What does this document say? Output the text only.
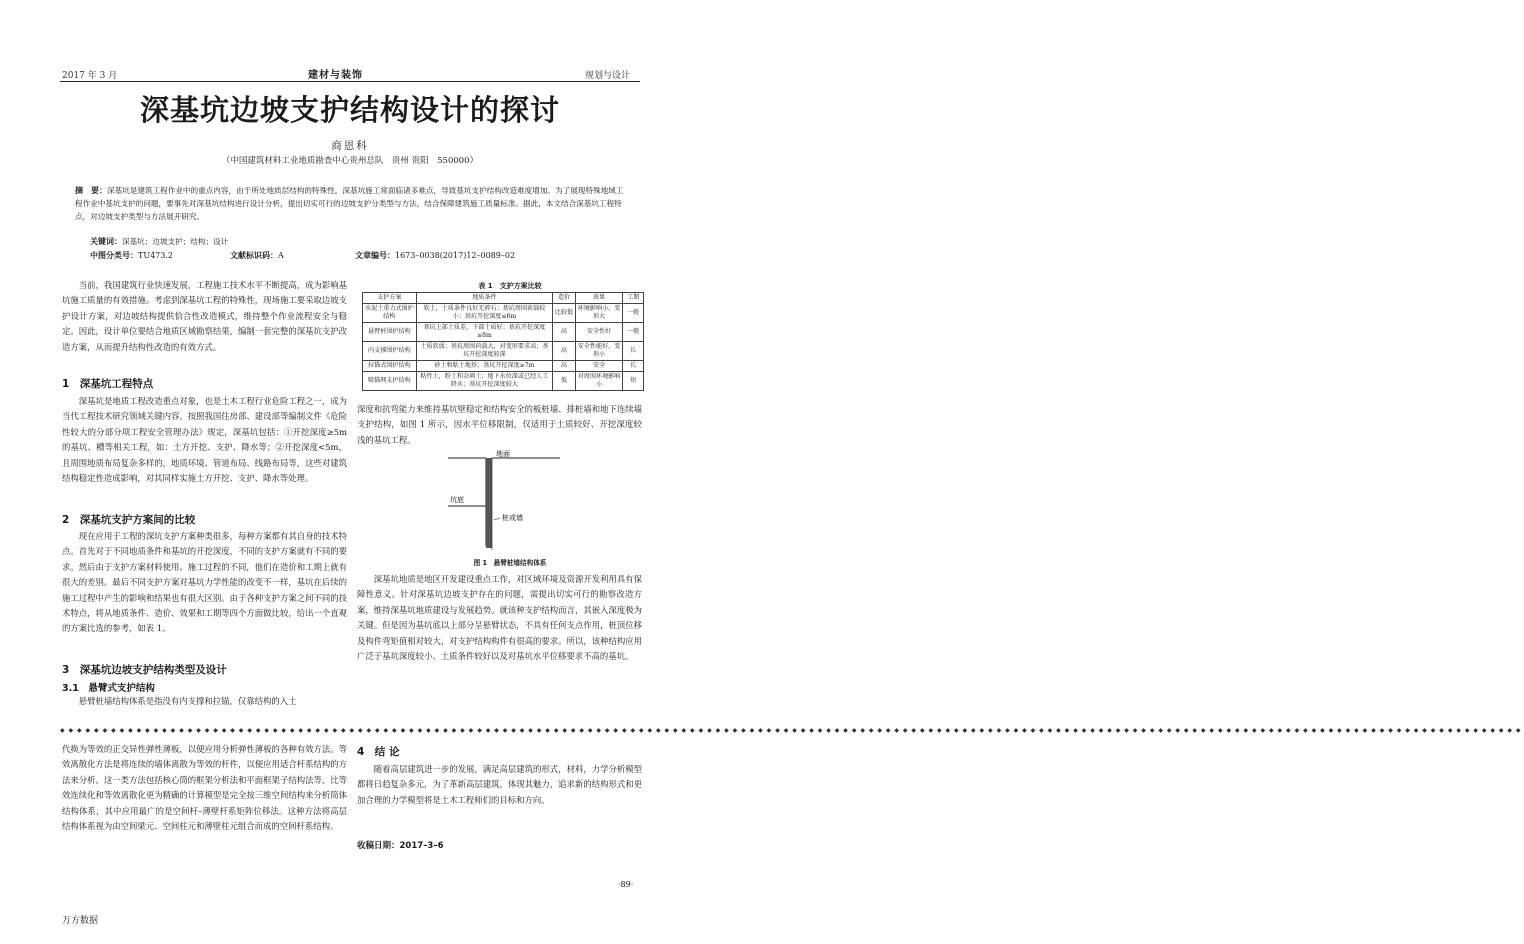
2017 年 3 月	建材与装饰	规划与设计
深基坑边坡支护结构设计的探讨
商恩科
（中国建筑材料工业地质勘查中心贵州总队　贵州 贵阳　550000）
摘　要：深基坑是建筑工程作业中的重点内容，由于所处地质层结构的特殊性，深基坑施工常面临诸多难点，导致基坑支护结构改造难度增加。为了展现特殊地域工程作业中基坑支护的问题，要事先对深基坑结构进行设计分析，提出切实可行的边坡支护分类型与方法，结合保障建筑施工质量标准。据此，本文结合深基坑工程特点，对边坡支护类型与方法展开研究。
关键词：深基坑；边坡支护；结构；设计
中图分类号：TU473.2	文献标识码：A	文章编号：1673–0038(2017)12–0089–02
当前，我国建筑行业快速发展，工程施工技术水平不断提高，成为影响基坑施工质量的有效措施。考虑到深基坑工程的特殊性，现场施工要采取边坡支护设计方案，对边坡结构提供恰合性改造模式，维持整个作业流程安全与稳定。因此，设计单位要结合地质区域勘察结果，编制一套完整的深基坑支护改造方案，从而提升结构性改造的有效方式。
1　深基坑工程特点
深基坑是地质工程改造重点对象，也是土木工程行业危险工程之一，成为当代工程技术研究领域关键内容。按照我国住房部、建设部等编制文件《危险性较大的分部分项工程安全管理办法》规定，深基坑包括：①开挖深度≥5m 的基坑、槽等相关工程，如：土方开挖、支护、降水等；②开挖深度<5m，且周围地质布局复杂多样的，地质环境、管道布局、线路布局等，这些对建筑结构稳定性造成影响，对其同样实施土方开挖、支护、降水等处理。
2　深基坑支护方案间的比较
现在应用于工程的深坑支护方案种类很多，每种方案都有其自身的技术特点。首先对于不同地质条件和基坑的开挖深度，不同的支护方案就有不同的要求。然后由于支护方案材料使用、施工过程的不同，他们在造价和工期上就有很大的差别。最后不同支护方案对基坑力学性能的改变不一样，基坑在后续的施工过程中产生的影响和结果也有很大区别。由于各种支护方案之间不同的技术特点，将从地质条件、造价、效果和工期等四个方面做比较，给出一个直观的方案比选的参考，如表 1。
3　深基坑边坡支护结构类型及设计
3.1　悬臂式支护结构
悬臂桩墙结构体系是指没有内支撑和拉锚，仅靠结构的入土
表 1　支护方案比较
支护方案	地质条件	造价	效果	工期
水泥土重力式围护结构	软土，土质条件良好无碎石；基坑周围荷载较小；基坑开挖深度≤6m	比较低	环境影响小，变形大	一般
悬臂桩围护结构	基坑上部土质差，下部土质好；基坑开挖深度≤8m	高	安全性好	一般
内支撑围护结构	土质软弱；基坑周围荷载大，对变形要求高；基坑开挖深度较深	高	安全性能好，变形小	长
拉锚式围护结构	砂土和粘土地基；基坑开挖深度≥7m	高	安全	长
喷锚网支护结构	粘性土，粉土和杂填土；地下水位深或已经人工降水；基坑开挖深度较大	低	对周围环境影响小	短
深度和抗弯能力来维持基坑壁稳定和结构安全的板桩墙、排桩墙和地下连续墙支护结构，如图 1 所示，因水平位移限制，仅适用于土质较好、开挖深度较浅的基坑工程。
地面
坑底
桩或墙
图 1　悬臂桩墙结构体系
深基坑地质是地区开发建设重点工作，对区域环境及资源开发利用具有保障性意义。针对深基坑边坡支护存在的问题，需提出切实可行的勘察改造方案，维持深基坑地质建设与发展趋势。就该种支护结构而言，其嵌入深度极为关键。但是因为基坑底以上部分呈悬臂状态，不具有任何支点作用，桩顶位移及构件弯矩值相对较大，对支护结构构件有很高的要求。所以，该种结构应用广泛于基坑深度较小、土质条件较好以及对基坑水平位移要求不高的基坑。
◆◆◆◆◆◆◆◆◆◆◆◆◆◆◆◆◆◆◆◆◆◆◆◆◆◆◆◆◆◆◆◆◆◆◆◆◆◆◆◆◆◆◆◆◆◆◆◆◆◆◆◆◆◆◆◆◆◆◆◆◆◆◆◆◆◆◆◆◆◆◆◆◆◆◆◆◆◆◆◆◆◆◆◆◆◆◆◆◆◆◆◆◆◆◆◆◆◆◆◆◆◆◆◆◆◆◆◆◆◆◆◆◆◆◆◆◆◆◆◆◆◆◆◆◆◆◆◆◆◆◆◆◆◆◆◆◆◆◆◆◆◆◆◆◆◆◆◆◆◆◆◆◆◆◆◆◆◆◆◆◆◆◆◆◆◆◆◆◆◆◆◆
代换为等效的正交异性弹性薄板，以便应用分析弹性薄板的各种有效方法。等效离散化方法是将连续的墙体离散为等效的杆件，以便应用适合杆系结构的方法来分析。这一类方法包括核心筒的框架分析法和平面框架子结构法等。比等效连续化和等效离散化更为精确的计算模型是完全按三维空间结构来分析筒体结构体系，其中应用最广的是空间杆–薄壁杆系矩阵位移法。这种方法将高层结构体系视为由空间梁元、空间柱元和薄壁柱元组合而成的空间杆系结构。
4　结 论
随着高层建筑进一步的发展，满足高层建筑的形式，材料，力学分析模型都将日趋复杂多元，为了革新高层建筑，体现其魅力，追求新的结构形式和更加合理的力学模型将是土木工程师们的目标和方向。
收稿日期：2017–3–6
·89·
万方数据
